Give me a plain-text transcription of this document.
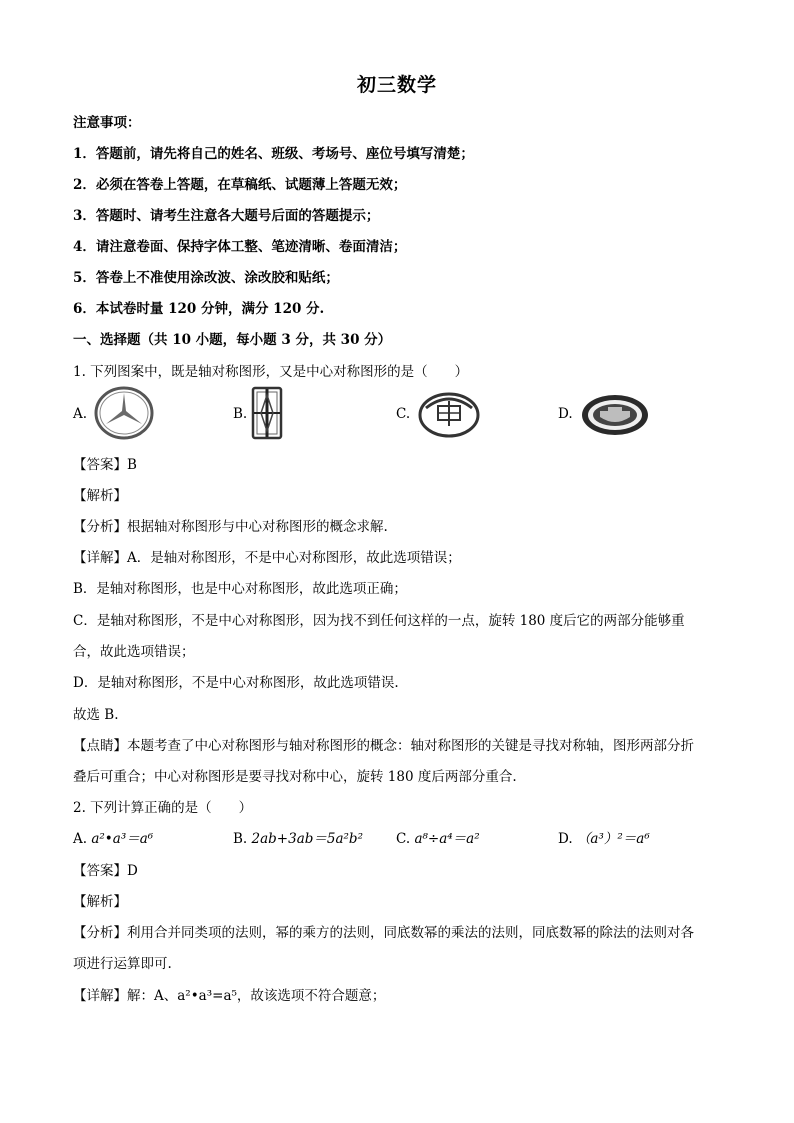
初三数学
注意事项：
1．答题前，请先将自己的姓名、班级、考场号、座位号填写清楚；
2．必须在答卷上答题，在草稿纸、试题薄上答题无效；
3．答题时、请考生注意各大题号后面的答题提示；
4．请注意卷面、保持字体工整、笔迹清晰、卷面清洁；
5．答卷上不准使用涂改波、涂改胶和贴纸；
6．本试卷时量 120 分钟，满分 120 分.
一、选择题（共 10 小题，每小题 3 分，共 30 分）
1. 下列图案中，既是轴对称图形，又是中心对称图形的是（　　）
A.	B.	C.	D.
【答案】B
【解析】
【分析】根据轴对称图形与中心对称图形的概念求解.
【详解】A．是轴对称图形，不是中心对称图形，故此选项错误；
B．是轴对称图形，也是中心对称图形，故此选项正确；
C．是轴对称图形，不是中心对称图形，因为找不到任何这样的一点，旋转 180 度后它的两部分能够重
合，故此选项错误；
D．是轴对称图形，不是中心对称图形，故此选项错误.
故选 B.
【点睛】本题考查了中心对称图形与轴对称图形的概念：轴对称图形的关键是寻找对称轴，图形两部分折
叠后可重合；中心对称图形是要寻找对称中心，旋转 180 度后两部分重合.
2. 下列计算正确的是（　　）
A. a²•a³＝a⁶	B. 2ab+3ab＝5a²b² C. a⁸÷a⁴＝a²	D. （a³）²＝a⁶
【答案】D
【解析】
【分析】利用合并同类项的法则，幂的乘方的法则，同底数幂的乘法的法则，同底数幂的除法的法则对各
项进行运算即可.
【详解】解：A、a²•a³=a⁵，故该选项不符合题意；
